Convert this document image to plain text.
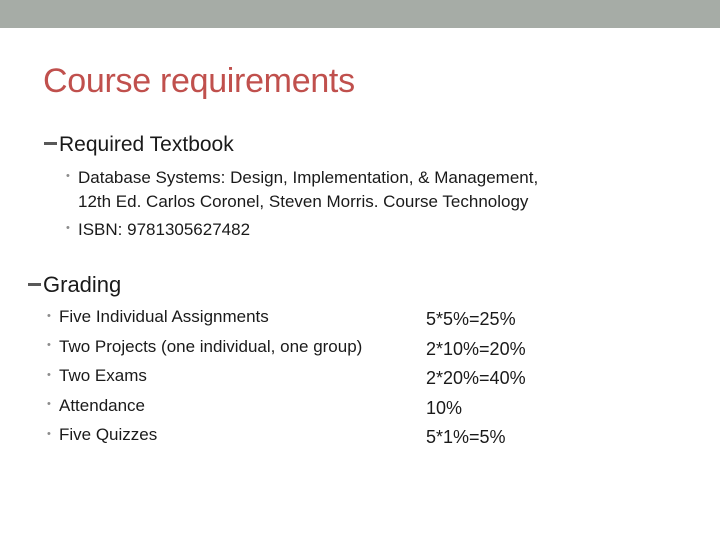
Course requirements
Required Textbook
• Database Systems: Design, Implementation, & Management,
12th Ed. Carlos Coronel, Steven Morris. Course Technology
• ISBN: 9781305627482
Grading
• Five Individual Assignments	5*5%=25%
• Two Projects (one individual, one group)	2*10%=20%
• Two Exams	2*20%=40%
• Attendance	10%
• Five Quizzes	5*1%=5%
